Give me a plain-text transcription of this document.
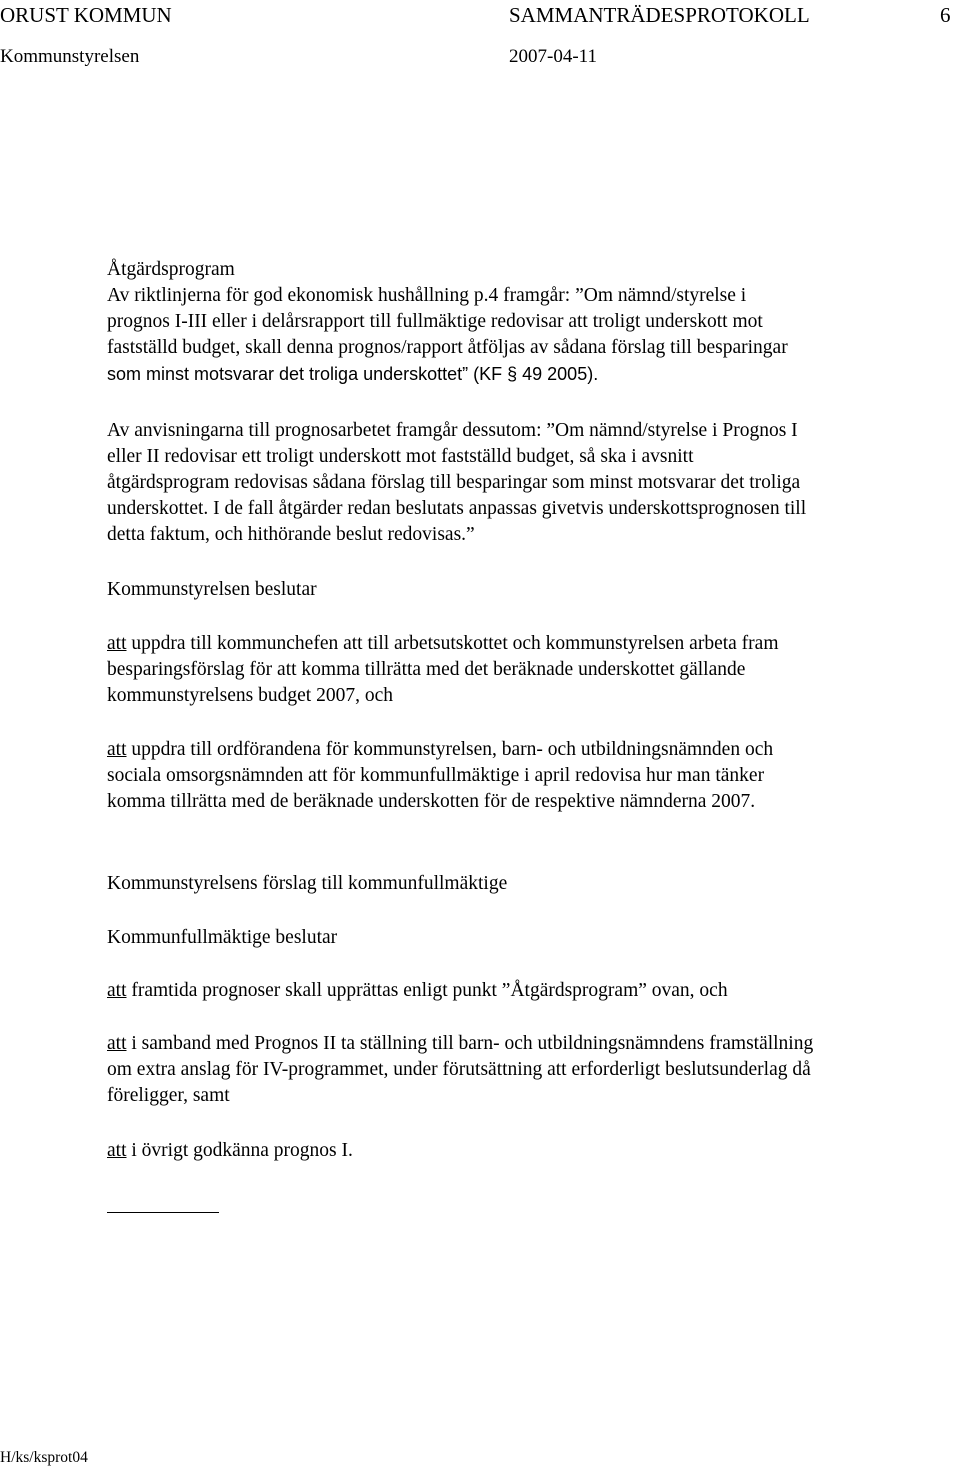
ORUST KOMMUN	SAMMANTRÄDESPROTOKOLL	6
Kommunstyrelsen	2007-04-11
Åtgärdsprogram
Av riktlinjerna för god ekonomisk hushållning p.4 framgår: ”Om nämnd/styrelse i
prognos I-III eller i delårsrapport till fullmäktige redovisar att troligt underskott mot
fastställd budget, skall denna prognos/rapport åtföljas av sådana förslag till besparingar
som minst motsvarar det troliga underskottet” (KF § 49 2005).
Av anvisningarna till prognosarbetet framgår dessutom: ”Om nämnd/styrelse i Prognos I
eller II redovisar ett troligt underskott mot fastställd budget, så ska i avsnitt
åtgärdsprogram redovisas sådana förslag till besparingar som minst motsvarar det troliga
underskottet. I de fall åtgärder redan beslutats anpassas givetvis underskottsprognosen till
detta faktum, och hithörande beslut redovisas.”
Kommunstyrelsen beslutar
att uppdra till kommunchefen att till arbetsutskottet och kommunstyrelsen arbeta fram
besparingsförslag för att komma tillrätta med det beräknade underskottet gällande
kommunstyrelsens budget 2007, och
att uppdra till ordförandena för kommunstyrelsen, barn- och utbildningsnämnden och
sociala omsorgsnämnden att för kommunfullmäktige i april redovisa hur man tänker
komma tillrätta med de beräknade underskotten för de respektive nämnderna 2007.
Kommunstyrelsens förslag till kommunfullmäktige
Kommunfullmäktige beslutar
att framtida prognoser skall upprättas enligt punkt ”Åtgärdsprogram” ovan, och
att i samband med Prognos II ta ställning till barn- och utbildningsnämndens framställning
om extra anslag för IV-programmet, under förutsättning att erforderligt beslutsunderlag då
föreligger, samt
att i övrigt godkänna prognos I.
H/ks/ksprot04
